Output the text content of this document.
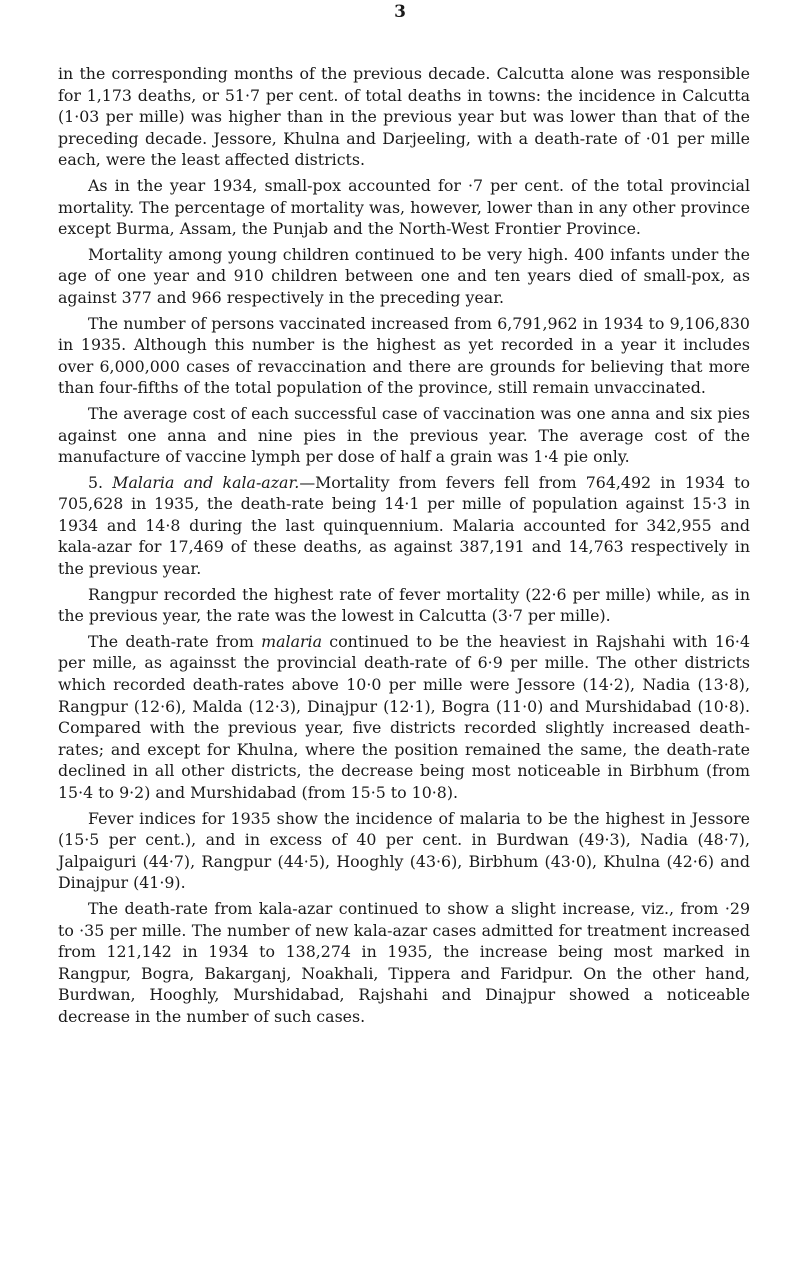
3

in the corresponding months of the previous decade. Calcutta alone was responsible for 1,173 deaths, or 51·7 per cent. of total deaths in towns: the incidence in Calcutta (1·03 per mille) was higher than in the previous year but was lower than that of the preceding decade. Jessore, Khulna and Darjeeling, with a death-rate of ·01 per mille each, were the least affected districts.

As in the year 1934, small-pox accounted for ·7 per cent. of the total provincial mortality. The percentage of mortality was, however, lower than in any other province except Burma, Assam, the Punjab and the North-West Frontier Province.

Mortality among young children continued to be very high. 400 infants under the age of one year and 910 children between one and ten years died of small-pox, as against 377 and 966 respectively in the preceding year.

The number of persons vaccinated increased from 6,791,962 in 1934 to 9,106,830 in 1935. Although this number is the highest as yet recorded in a year it includes over 6,000,000 cases of revaccination and there are grounds for believing that more than four-fifths of the total population of the province, still remain unvaccinated.

The average cost of each successful case of vaccination was one anna and six pies against one anna and nine pies in the previous year. The average cost of the manufacture of vaccine lymph per dose of half a grain was 1·4 pie only.

5. Malaria and kala-azar.—Mortality from fevers fell from 764,492 in 1934 to 705,628 in 1935, the death-rate being 14·1 per mille of population against 15·3 in 1934 and 14·8 during the last quinquennium. Malaria accounted for 342,955 and kala-azar for 17,469 of these deaths, as against 387,191 and 14,763 respectively in the previous year.

Rangpur recorded the highest rate of fever mortality (22·6 per mille) while, as in the previous year, the rate was the lowest in Calcutta (3·7 per mille).

The death-rate from malaria continued to be the heaviest in Rajshahi with 16·4 per mille, as againsst the provincial death-rate of 6·9 per mille. The other districts which recorded death-rates above 10·0 per mille were Jessore (14·2), Nadia (13·8), Rangpur (12·6), Malda (12·3), Dinajpur (12·1), Bogra (11·0) and Murshidabad (10·8). Compared with the previous year, five districts recorded slightly increased death-rates; and except for Khulna, where the position remained the same, the death-rate declined in all other districts, the decrease being most noticeable in Birbhum (from 15·4 to 9·2) and Murshidabad (from 15·5 to 10·8).

Fever indices for 1935 show the incidence of malaria to be the highest in Jessore (15·5 per cent.), and in excess of 40 per cent. in Burdwan (49·3), Nadia (48·7), Jalpaiguri (44·7), Rangpur (44·5), Hooghly (43·6), Birbhum (43·0), Khulna (42·6) and Dinajpur (41·9).

The death-rate from kala-azar continued to show a slight increase, viz., from ·29 to ·35 per mille. The number of new kala-azar cases admitted for treatment increased from 121,142 in 1934 to 138,274 in 1935, the increase being most marked in Rangpur, Bogra, Bakarganj, Noakhali, Tippera and Faridpur. On the other hand, Burdwan, Hooghly, Murshidabad, Rajshahi and Dinajpur showed a noticeable decrease in the number of such cases.
